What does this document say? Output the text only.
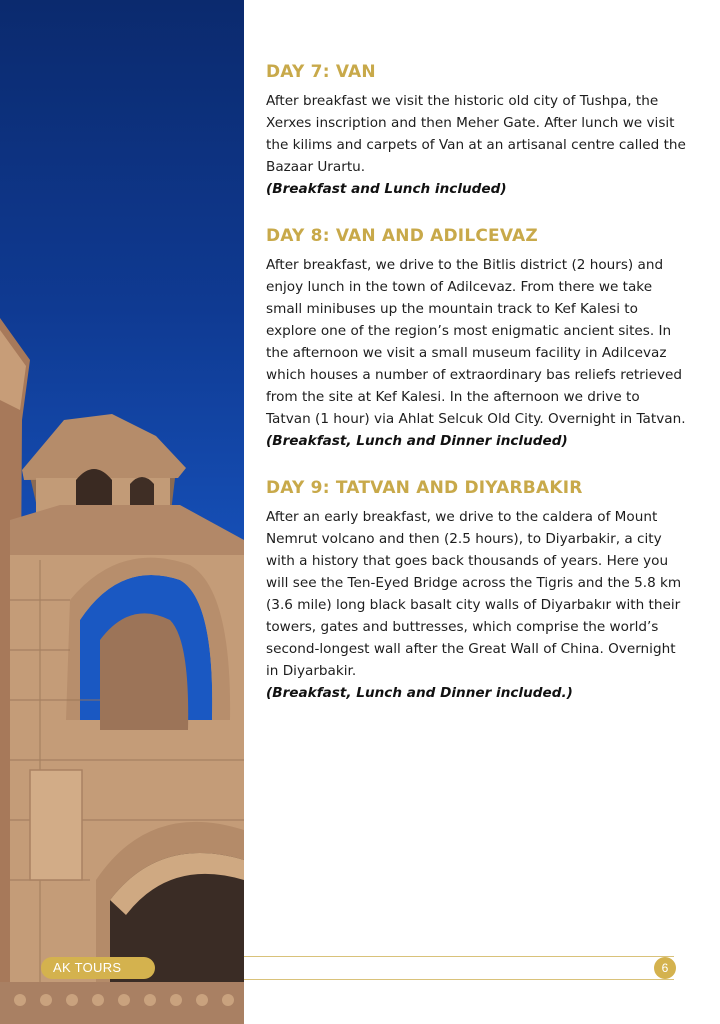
DAY 7: VAN
After breakfast we visit the historic old city of Tushpa, the Xerxes inscription and then Meher Gate. After lunch we visit the kilims and carpets of Van at an artisanal centre called the Bazaar Urartu.
(Breakfast and Lunch included)
DAY 8: VAN AND ADILCEVAZ
After breakfast, we drive to the Bitlis district (2 hours) and enjoy lunch in the town of Adilcevaz. From there we take small minibuses up the mountain track to Kef Kalesi to explore one of the region’s most enigmatic ancient sites. In the afternoon we visit a small museum facility in Adilcevaz which houses a number of extraordinary bas reliefs retrieved from the site at Kef Kalesi. In the afternoon we drive to Tatvan (1 hour) via Ahlat Selcuk Old City. Overnight in Tatvan.
(Breakfast, Lunch and Dinner included)
DAY 9: TATVAN AND DIYARBAKIR
After an early breakfast, we drive to the caldera of Mount Nemrut volcano and then (2.5 hours), to Diyarbakir, a city with a history that goes back thousands of years. Here you will see the Ten-Eyed Bridge across the Tigris and the 5.8 km (3.6 mile) long black basalt city walls of Diyarbakır with their towers, gates and buttresses, which comprise the world’s second-longest wall after the Great Wall of China. Overnight in Diyarbakir.
(Breakfast, Lunch and Dinner included.)
AK TOURS	6
